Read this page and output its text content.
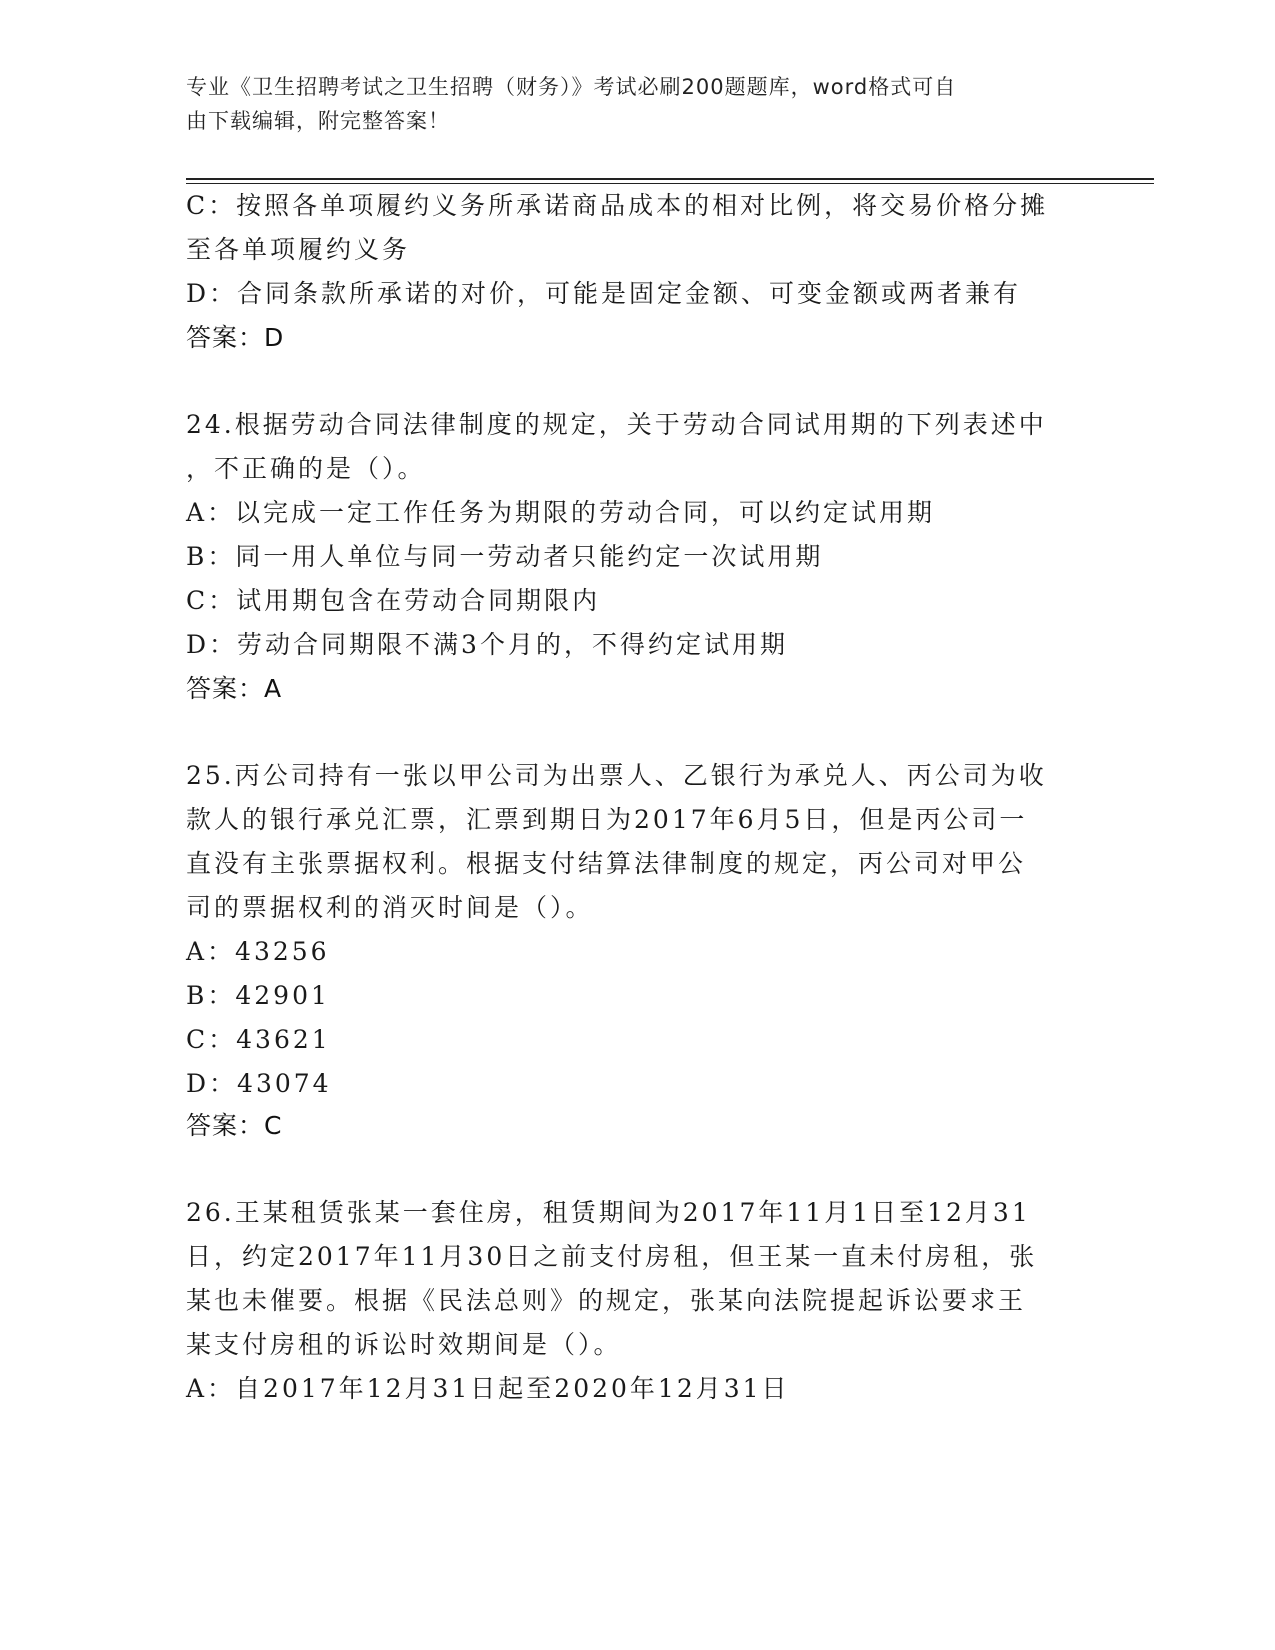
专业《卫生招聘考试之卫生招聘（财务）》考试必刷200题题库，word格式可自
由下载编辑，附完整答案！
C：按照各单项履约义务所承诺商品成本的相对比例，将交易价格分摊
至各单项履约义务
D：合同条款所承诺的对价，可能是固定金额、可变金额或两者兼有
答案：D
24.根据劳动合同法律制度的规定，关于劳动合同试用期的下列表述中
，不正确的是（）。
A：以完成一定工作任务为期限的劳动合同，可以约定试用期
B：同一用人单位与同一劳动者只能约定一次试用期
C：试用期包含在劳动合同期限内
D：劳动合同期限不满3个月的，不得约定试用期
答案：A
25.丙公司持有一张以甲公司为出票人、乙银行为承兑人、丙公司为收
款人的银行承兑汇票，汇票到期日为2017年6月5日，但是丙公司一
直没有主张票据权利。根据支付结算法律制度的规定，丙公司对甲公
司的票据权利的消灭时间是（）。
A：43256
B：42901
C：43621
D：43074
答案：C
26.王某租赁张某一套住房，租赁期间为2017年11月1日至12月31
日，约定2017年11月30日之前支付房租，但王某一直未付房租，张
某也未催要。根据《民法总则》的规定，张某向法院提起诉讼要求王
某支付房租的诉讼时效期间是（）。
A：自2017年12月31日起至2020年12月31日
